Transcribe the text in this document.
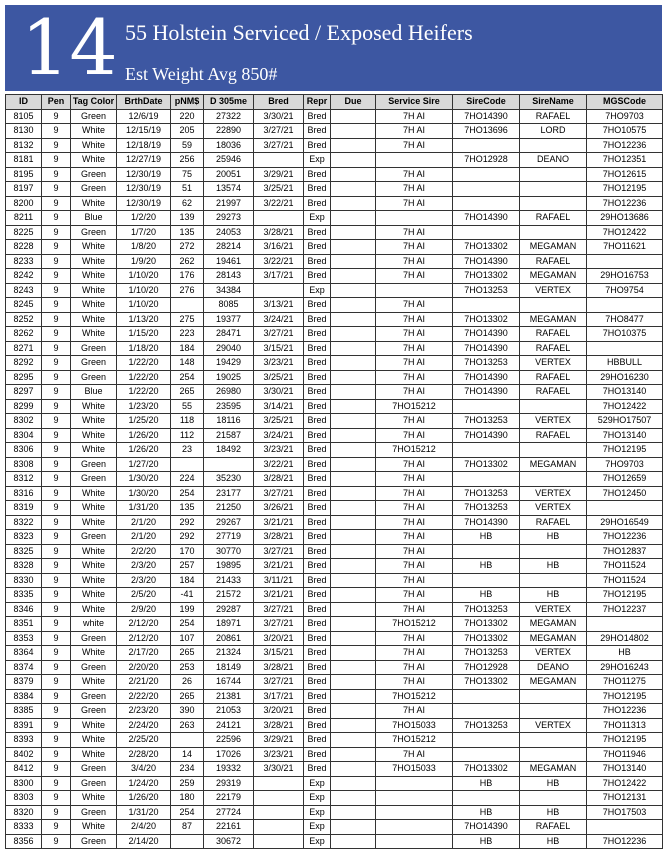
14 55 Holstein Serviced / Exposed Heifers
Est Weight Avg 850#
ID	Pen	Tag Color	BrthDate	pNM$	D 305me	Bred	Repr	Due	Service Sire	SireCode	SireName	MGSCode
8105	9	Green	12/6/19	220	27322	3/30/21	Bred		7H AI	7HO14390	RAFAEL	7HO9703
8130	9	White	12/15/19	205	22890	3/27/21	Bred		7H AI	7HO13696	LORD	7HO10575
8132	9	White	12/18/19	59	18036	3/27/21	Bred		7H AI			7HO12236
8181	9	White	12/27/19	256	25946		Exp			7HO12928	DEANO	7HO12351
8195	9	Green	12/30/19	75	20051	3/29/21	Bred		7H AI			7HO12615
8197	9	Green	12/30/19	51	13574	3/25/21	Bred		7H AI			7HO12195
8200	9	White	12/30/19	62	21997	3/22/21	Bred		7H AI			7HO12236
8211	9	Blue	1/2/20	139	29273		Exp			7HO14390	RAFAEL	29HO13686
8225	9	Green	1/7/20	135	24053	3/28/21	Bred		7H AI			7HO12422
8228	9	White	1/8/20	272	28214	3/16/21	Bred		7H AI	7HO13302	MEGAMAN	7HO11621
8233	9	White	1/9/20	262	19461	3/22/21	Bred		7H AI	7HO14390	RAFAEL	
8242	9	White	1/10/20	176	28143	3/17/21	Bred		7H AI	7HO13302	MEGAMAN	29HO16753
8243	9	White	1/10/20	276	34384		Exp			7HO13253	VERTEX	7HO9754
8245	9	White	1/10/20		8085	3/13/21	Bred		7H AI			
8252	9	White	1/13/20	275	19377	3/24/21	Bred		7H AI	7HO13302	MEGAMAN	7HO8477
8262	9	White	1/15/20	223	28471	3/27/21	Bred		7H AI	7HO14390	RAFAEL	7HO10375
8271	9	Green	1/18/20	184	29040	3/15/21	Bred		7H AI	7HO14390	RAFAEL	
8292	9	Green	1/22/20	148	19429	3/23/21	Bred		7H AI	7HO13253	VERTEX	HBBULL
8295	9	Green	1/22/20	254	19025	3/25/21	Bred		7H AI	7HO14390	RAFAEL	29HO16230
8297	9	Blue	1/22/20	265	26980	3/30/21	Bred		7H AI	7HO14390	RAFAEL	7HO13140
8299	9	White	1/23/20	55	23595	3/14/21	Bred		7HO15212			7HO12422
8302	9	White	1/25/20	118	18116	3/25/21	Bred		7H AI	7HO13253	VERTEX	529HO17507
8304	9	White	1/26/20	112	21587	3/24/21	Bred		7H AI	7HO14390	RAFAEL	7HO13140
8306	9	White	1/26/20	23	18492	3/23/21	Bred		7HO15212			7HO12195
8308	9	Green	1/27/20			3/22/21	Bred		7H AI	7HO13302	MEGAMAN	7HO9703
8312	9	Green	1/30/20	224	35230	3/28/21	Bred		7H AI			7HO12659
8316	9	White	1/30/20	254	23177	3/27/21	Bred		7H AI	7HO13253	VERTEX	7HO12450
8319	9	White	1/31/20	135	21250	3/26/21	Bred		7H AI	7HO13253	VERTEX	
8322	9	White	2/1/20	292	29267	3/21/21	Bred		7H AI	7HO14390	RAFAEL	29HO16549
8323	9	Green	2/1/20	292	27719	3/28/21	Bred		7H AI	HB	HB	7HO12236
8325	9	White	2/2/20	170	30770	3/27/21	Bred		7H AI			7HO12837
8328	9	White	2/3/20	257	19895	3/21/21	Bred		7H AI	HB	HB	7HO11524
8330	9	White	2/3/20	184	21433	3/11/21	Bred		7H AI			7HO11524
8335	9	White	2/5/20	-41	21572	3/21/21	Bred		7H AI	HB	HB	7HO12195
8346	9	White	2/9/20	199	29287	3/27/21	Bred		7H AI	7HO13253	VERTEX	7HO12237
8351	9	white	2/12/20	254	18971	3/27/21	Bred		7HO15212	7HO13302	MEGAMAN	
8353	9	Green	2/12/20	107	20861	3/20/21	Bred		7H AI	7HO13302	MEGAMAN	29HO14802
8364	9	White	2/17/20	265	21324	3/15/21	Bred		7H AI	7HO13253	VERTEX	HB
8374	9	Green	2/20/20	253	18149	3/28/21	Bred		7H AI	7HO12928	DEANO	29HO16243
8379	9	White	2/21/20	26	16744	3/27/21	Bred		7H AI	7HO13302	MEGAMAN	7HO11275
8384	9	Green	2/22/20	265	21381	3/17/21	Bred		7HO15212			7HO12195
8385	9	Green	2/23/20	390	21053	3/20/21	Bred		7H AI			7HO12236
8391	9	White	2/24/20	263	24121	3/28/21	Bred		7HO15033	7HO13253	VERTEX	7HO11313
8393	9	White	2/25/20		22596	3/29/21	Bred		7HO15212			7HO12195
8402	9	White	2/28/20	14	17026	3/23/21	Bred		7H AI			7HO11946
8412	9	Green	3/4/20	234	19332	3/30/21	Bred		7HO15033	7HO13302	MEGAMAN	7HO13140
8300	9	Green	1/24/20	259	29319		Exp			HB	HB	7HO12422
8303	9	White	1/26/20	180	22179		Exp					7HO12131
8320	9	Green	1/31/20	254	27724		Exp			HB	HB	7HO17503
8333	9	White	2/4/20	87	22161		Exp			7HO14390	RAFAEL	
8356	9	Green	2/14/20		30672		Exp			HB	HB	7HO12236
